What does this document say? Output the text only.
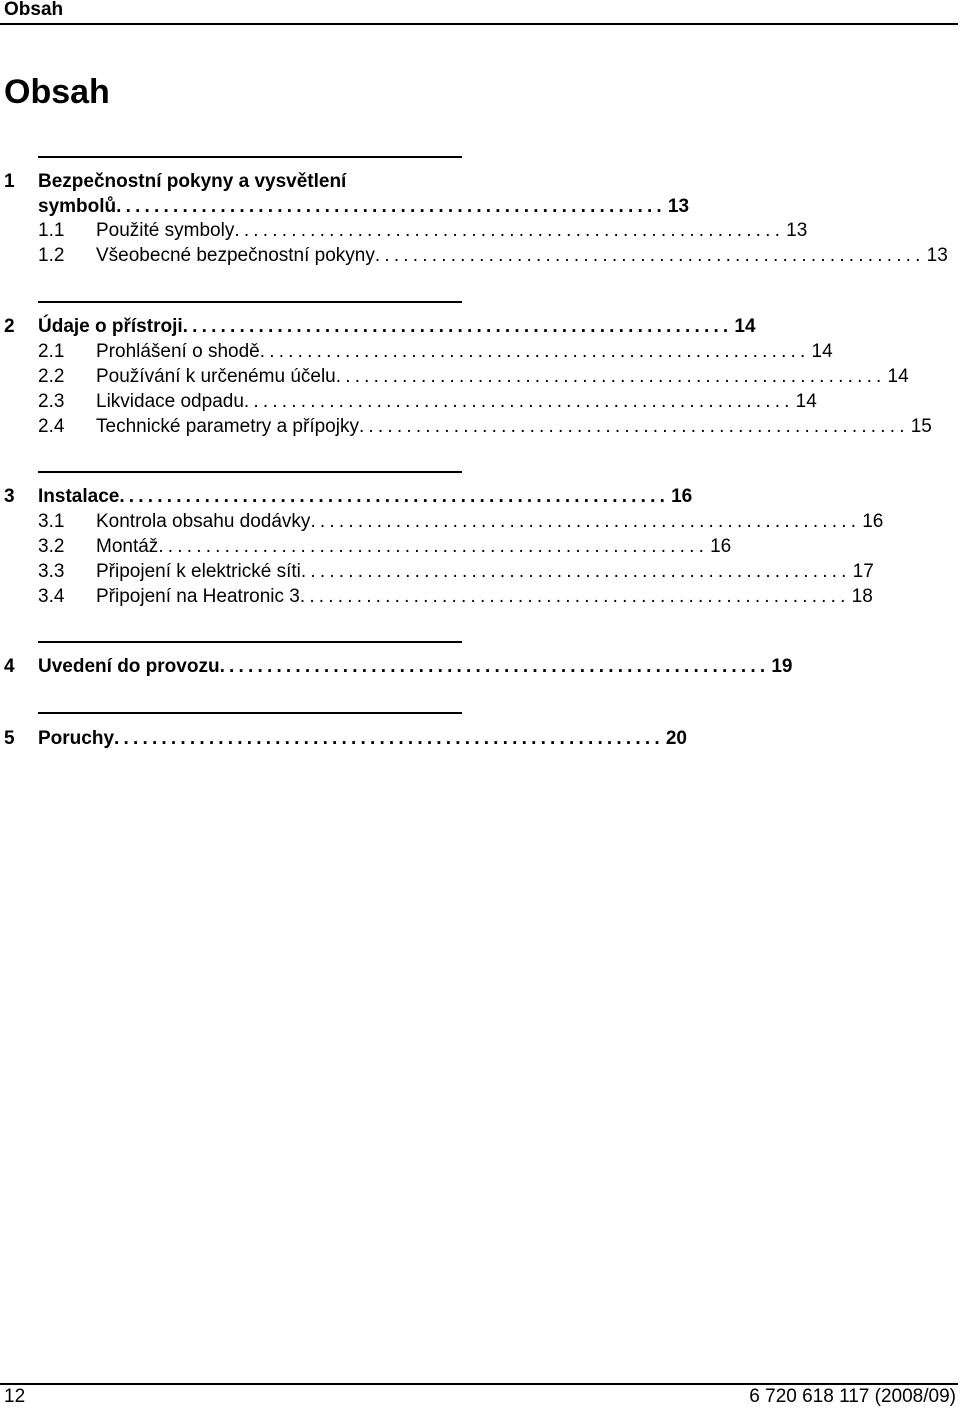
Obsah
Obsah
1 Bezpečnostní pokyny a vysvětlení
symbolů .......................................................... 13
1.1 Použité symboly .......................................................... 13
1.2 Všeobecné bezpečnostní pokyny .......................................................... 13
2 Údaje o přístroji .......................................................... 14
2.1 Prohlášení o shodě .......................................................... 14
2.2 Používání k určenému účelu .......................................................... 14
2.3 Likvidace odpadu .......................................................... 14
2.4 Technické parametry a přípojky .......................................................... 15
3 Instalace .......................................................... 16
3.1 Kontrola obsahu dodávky .......................................................... 16
3.2 Montáž .......................................................... 16
3.3 Připojení k elektrické síti .......................................................... 17
3.4 Připojení na Heatronic 3 .......................................................... 18
4 Uvedení do provozu .......................................................... 19
5 Poruchy .......................................................... 20
12	6 720 618 117 (2008/09)
